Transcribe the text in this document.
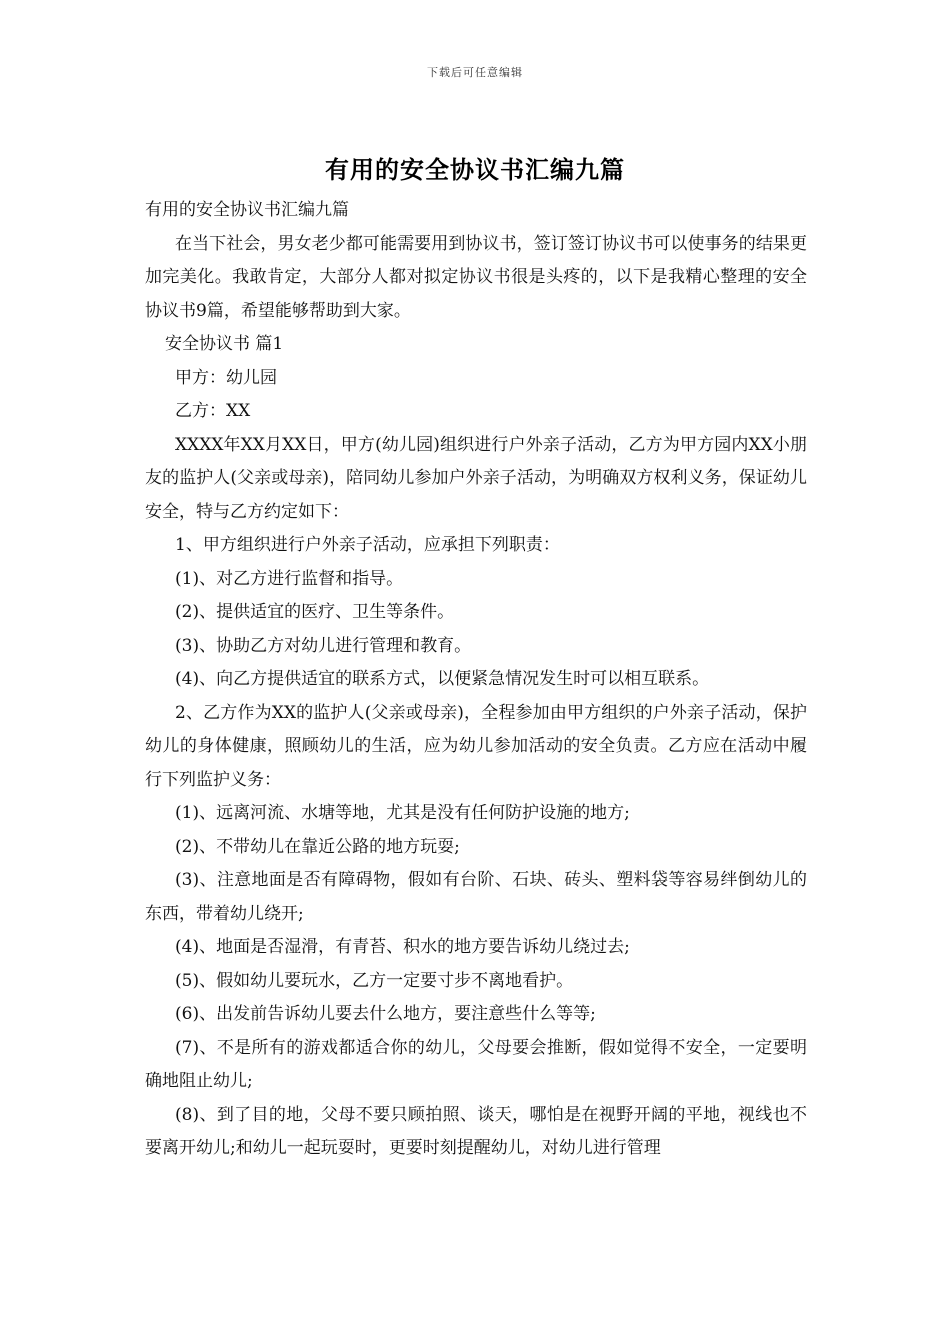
下载后可任意编辑
有用的安全协议书汇编九篇

有用的安全协议书汇编九篇

在当下社会，男女老少都可能需要用到协议书，签订签订协议书可以使事务的结果更加完美化。我敢肯定，大部分人都对拟定协议书很是头疼的，以下是我精心整理的安全协议书9篇，希望能够帮助到大家。

安全协议书 篇1

甲方：幼儿园

乙方：XX

XXXX年XX月XX日，甲方(幼儿园)组织进行户外亲子活动，乙方为甲方园内XX小朋友的监护人(父亲或母亲)，陪同幼儿参加户外亲子活动，为明确双方权利义务，保证幼儿安全，特与乙方约定如下：

1、甲方组织进行户外亲子活动，应承担下列职责：

(1)、对乙方进行监督和指导。

(2)、提供适宜的医疗、卫生等条件。

(3)、协助乙方对幼儿进行管理和教育。

(4)、向乙方提供适宜的联系方式，以便紧急情况发生时可以相互联系。

2、乙方作为XX的监护人(父亲或母亲)，全程参加由甲方组织的户外亲子活动，保护幼儿的身体健康，照顾幼儿的生活，应为幼儿参加活动的安全负责。乙方应在活动中履行下列监护义务：

(1)、远离河流、水塘等地，尤其是没有任何防护设施的地方;

(2)、不带幼儿在靠近公路的地方玩耍;

(3)、注意地面是否有障碍物，假如有台阶、石块、砖头、塑料袋等容易绊倒幼儿的东西，带着幼儿绕开;

(4)、地面是否湿滑，有青苔、积水的地方要告诉幼儿绕过去;

(5)、假如幼儿要玩水，乙方一定要寸步不离地看护。

(6)、出发前告诉幼儿要去什么地方，要注意些什么等等;

(7)、不是所有的游戏都适合你的幼儿，父母要会推断，假如觉得不安全，一定要明确地阻止幼儿;

(8)、到了目的地，父母不要只顾拍照、谈天，哪怕是在视野开阔的平地，视线也不要离开幼儿;和幼儿一起玩耍时，更要时刻提醒幼儿，对幼儿进行管理
